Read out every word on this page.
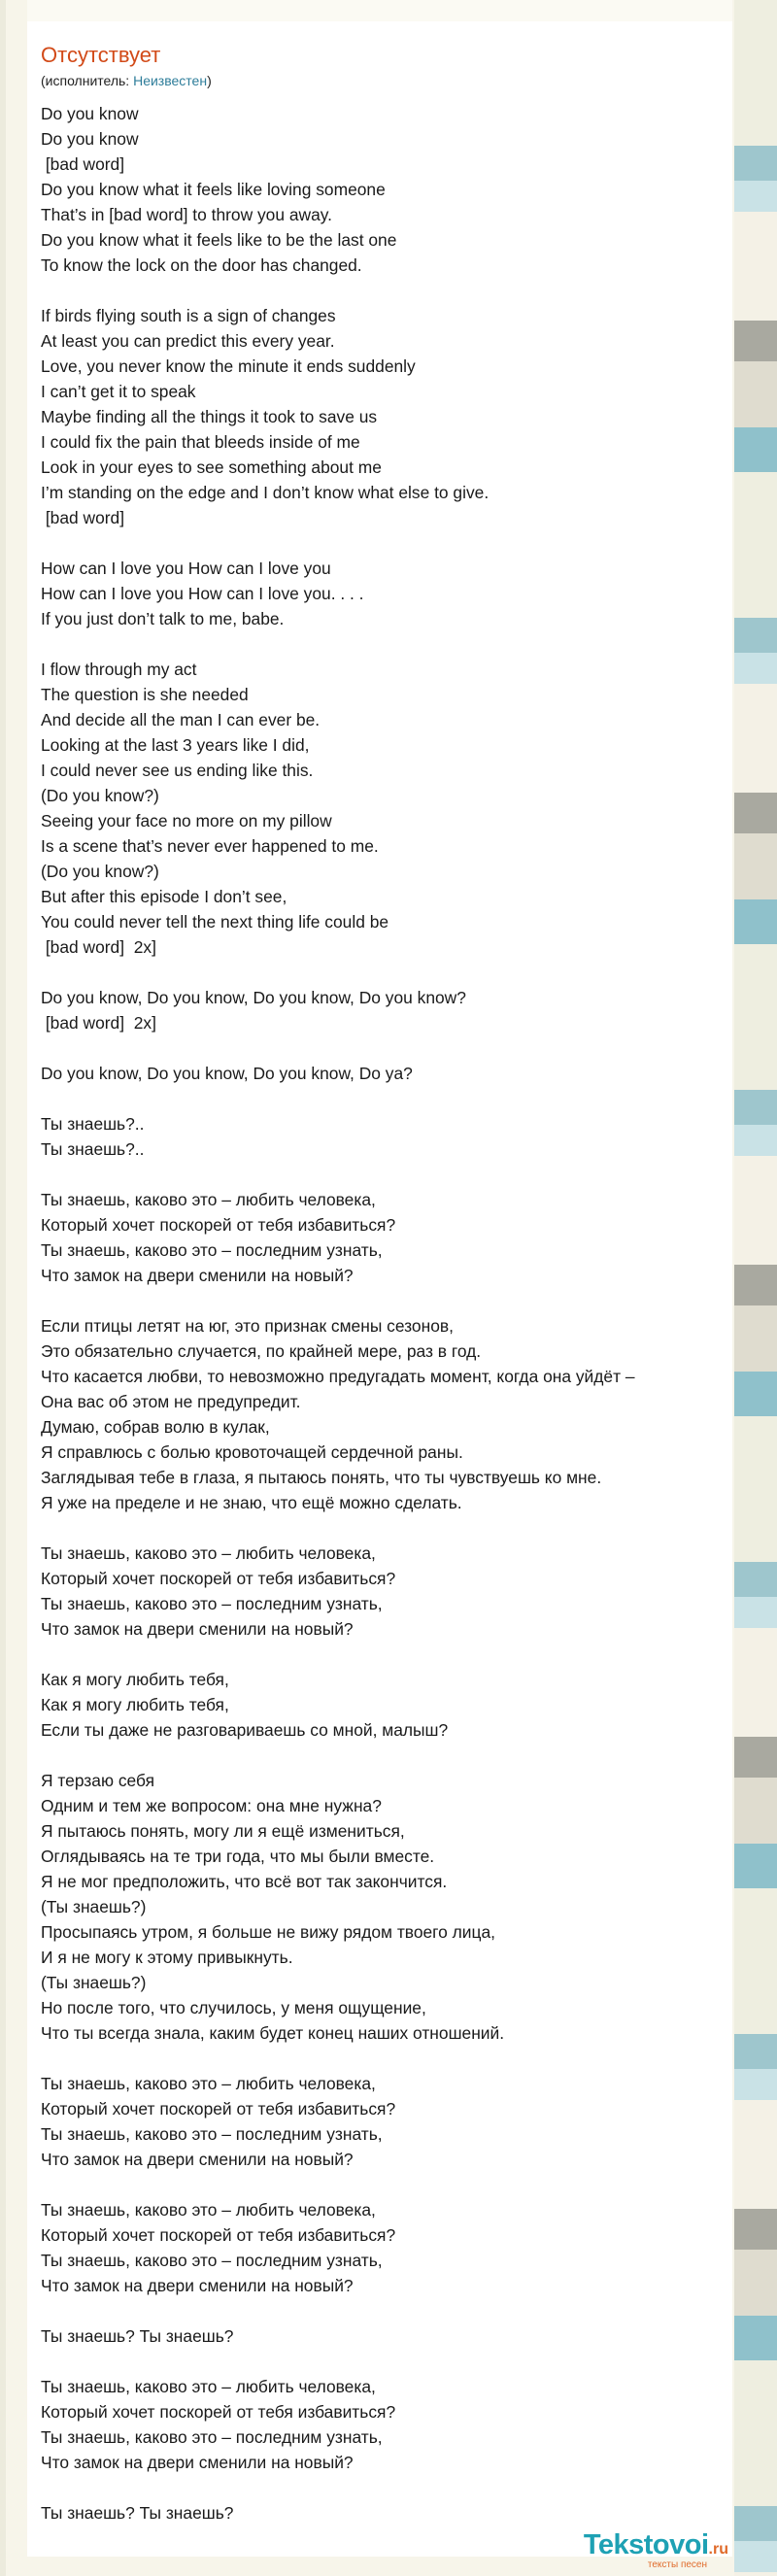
Отсутствует
(исполнитель: Неизвестен)
Do you know
Do you know
[bad word]
Do you know what it feels like loving someone
That’s in [bad word] to throw you away.
Do you know what it feels like to be the last one
To know the lock on the door has changed.
If birds flying south is a sign of changes
At least you can predict this every year.
Love, you never know the minute it ends suddenly
I can’t get it to speak
Maybe finding all the things it took to save us
I could fix the pain that bleeds inside of me
Look in your eyes to see something about me
I’m standing on the edge and I don’t know what else to give.
[bad word]
How can I love you How can I love you
How can I love you How can I love you. . . .
If you just don’t talk to me, babe.
I flow through my act
The question is she needed
And decide all the man I can ever be.
Looking at the last 3 years like I did,
I could never see us ending like this.
(Do you know?)
Seeing your face no more on my pillow
Is a scene that’s never ever happened to me.
(Do you know?)
But after this episode I don’t see,
You could never tell the next thing life could be
[bad word]  2x]
Do you know, Do you know, Do you know, Do you know?
[bad word]  2x]
Do you know, Do you know, Do you know, Do ya?
Ты знаешь?..
Ты знаешь?..
Ты знаешь, каково это – любить человека,
Который хочет поскорей от тебя избавиться?
Ты знаешь, каково это – последним узнать,
Что замок на двери сменили на новый?
Если птицы летят на юг, это признак смены сезонов,
Это обязательно случается, по крайней мере, раз в год.
Что касается любви, то невозможно предугадать момент, когда она уйдёт –
Она вас об этом не предупредит.
Думаю, собрав волю в кулак,
Я справлюсь с болью кровоточащей сердечной раны.
Заглядывая тебе в глаза, я пытаюсь понять, что ты чувствуешь ко мне.
Я уже на пределе и не знаю, что ещё можно сделать.
Ты знаешь, каково это – любить человека,
Который хочет поскорей от тебя избавиться?
Ты знаешь, каково это – последним узнать,
Что замок на двери сменили на новый?
Как я могу любить тебя,
Как я могу любить тебя,
Если ты даже не разговариваешь со мной, малыш?
Я терзаю себя
Одним и тем же вопросом: она мне нужна?
Я пытаюсь понять, могу ли я ещё измениться,
Оглядываясь на те три года, что мы были вместе.
Я не мог предположить, что всё вот так закончится.
(Ты знаешь?)
Просыпаясь утром, я больше не вижу рядом твоего лица,
И я не могу к этому привыкнуть.
(Ты знаешь?)
Но после того, что случилось, у меня ощущение,
Что ты всегда знала, каким будет конец наших отношений.
Ты знаешь, каково это – любить человека,
Который хочет поскорей от тебя избавиться?
Ты знаешь, каково это – последним узнать,
Что замок на двери сменили на новый?
Ты знаешь, каково это – любить человека,
Который хочет поскорей от тебя избавиться?
Ты знаешь, каково это – последним узнать,
Что замок на двери сменили на новый?
Ты знаешь? Ты знаешь?
Ты знаешь, каково это – любить человека,
Который хочет поскорей от тебя избавиться?
Ты знаешь, каково это – последним узнать,
Что замок на двери сменили на новый?
Ты знаешь? Ты знаешь?
Tekstovoi.ru
тексты песен
